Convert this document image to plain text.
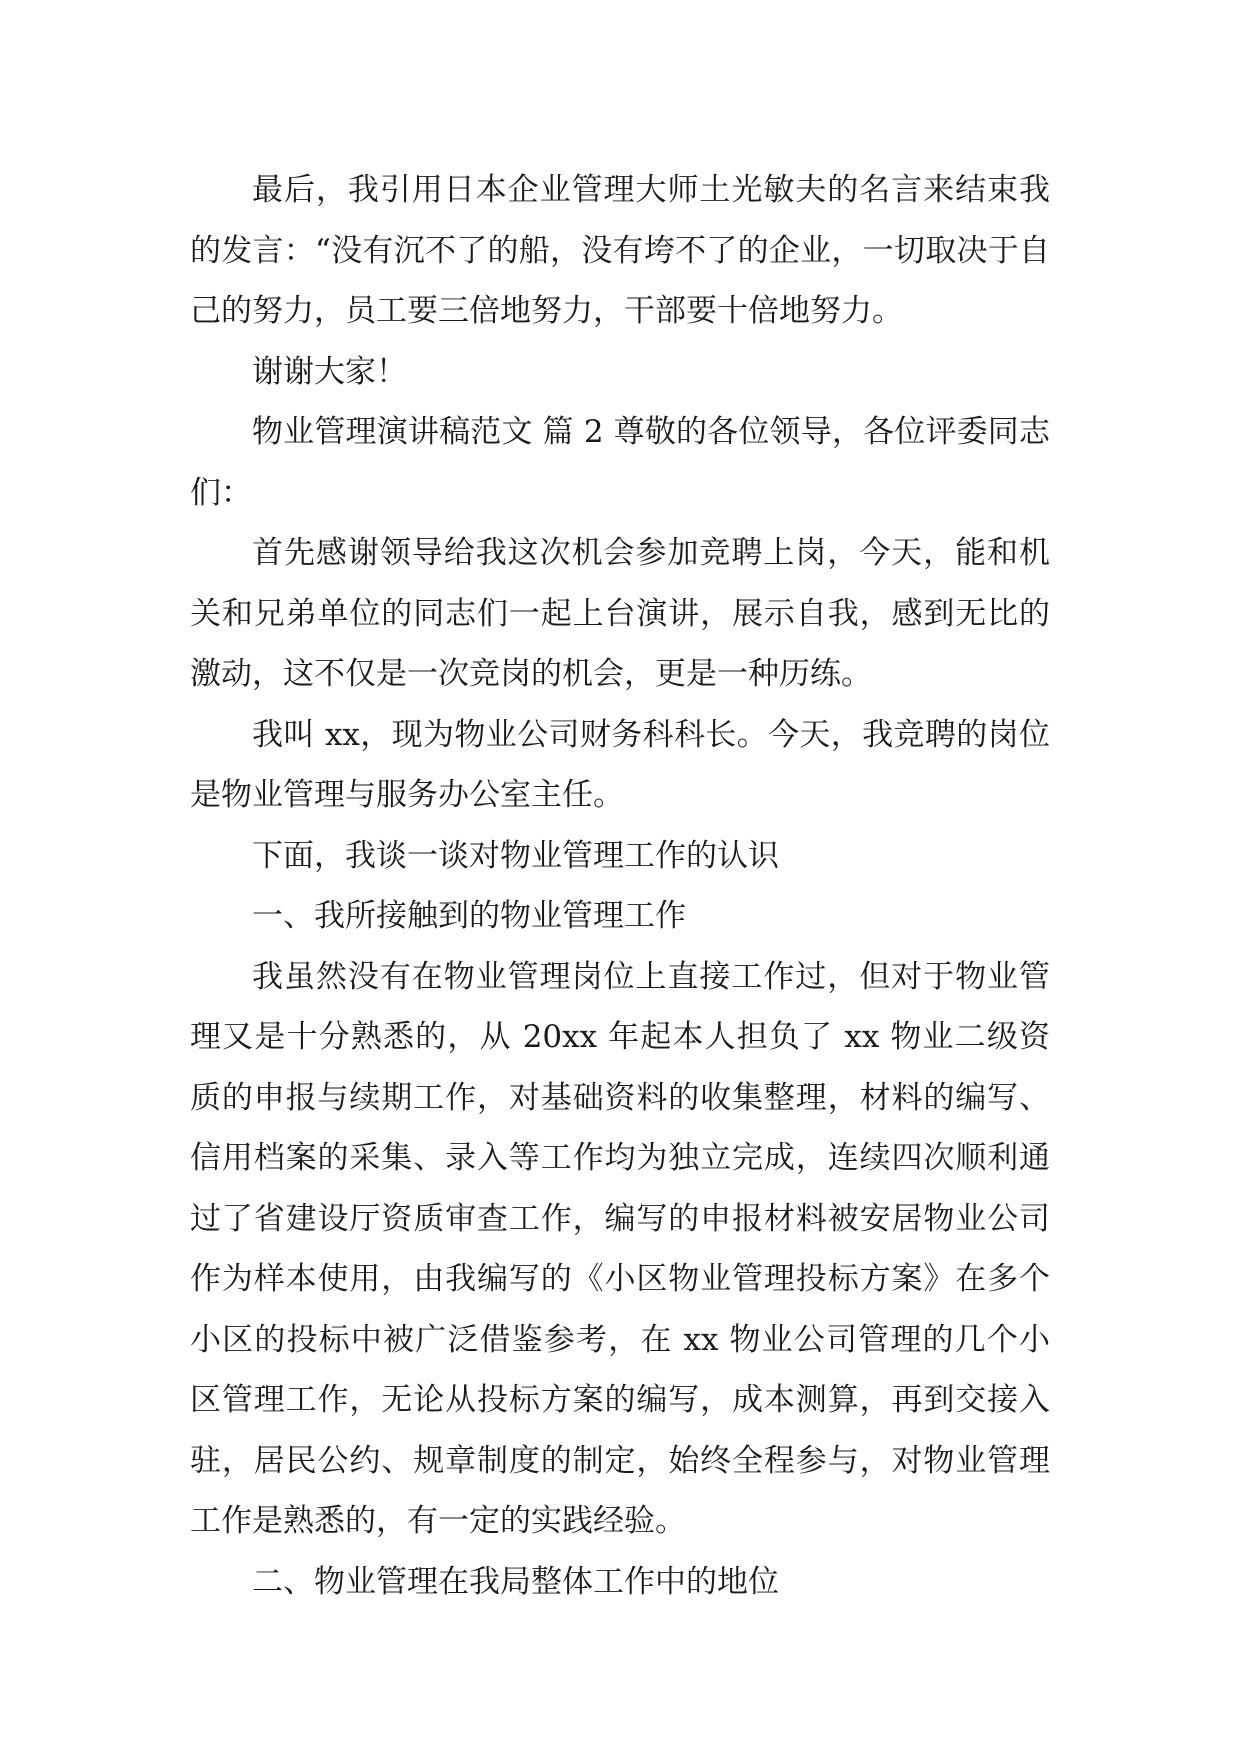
最后，我引用日本企业管理大师土光敏夫的名言来结束我的发言：“没有沉不了的船，没有垮不了的企业，一切取决于自己的努力，员工要三倍地努力，干部要十倍地努力。

谢谢大家！

物业管理演讲稿范文 篇 2 尊敬的各位领导，各位评委同志们：

首先感谢领导给我这次机会参加竞聘上岗，今天，能和机关和兄弟单位的同志们一起上台演讲，展示自我，感到无比的激动，这不仅是一次竞岗的机会，更是一种历练。

我叫 xx，现为物业公司财务科科长。今天，我竞聘的岗位是物业管理与服务办公室主任。

下面，我谈一谈对物业管理工作的认识

一、我所接触到的物业管理工作

我虽然没有在物业管理岗位上直接工作过，但对于物业管理又是十分熟悉的，从 20xx 年起本人担负了 xx 物业二级资质的申报与续期工作，对基础资料的收集整理，材料的编写、信用档案的采集、录入等工作均为独立完成，连续四次顺利通过了省建设厅资质审查工作，编写的申报材料被安居物业公司作为样本使用，由我编写的《小区物业管理投标方案》在多个小区的投标中被广泛借鉴参考，在 xx 物业公司管理的几个小区管理工作，无论从投标方案的编写，成本测算，再到交接入驻，居民公约、规章制度的制定，始终全程参与，对物业管理工作是熟悉的，有一定的实践经验。

二、物业管理在我局整体工作中的地位
